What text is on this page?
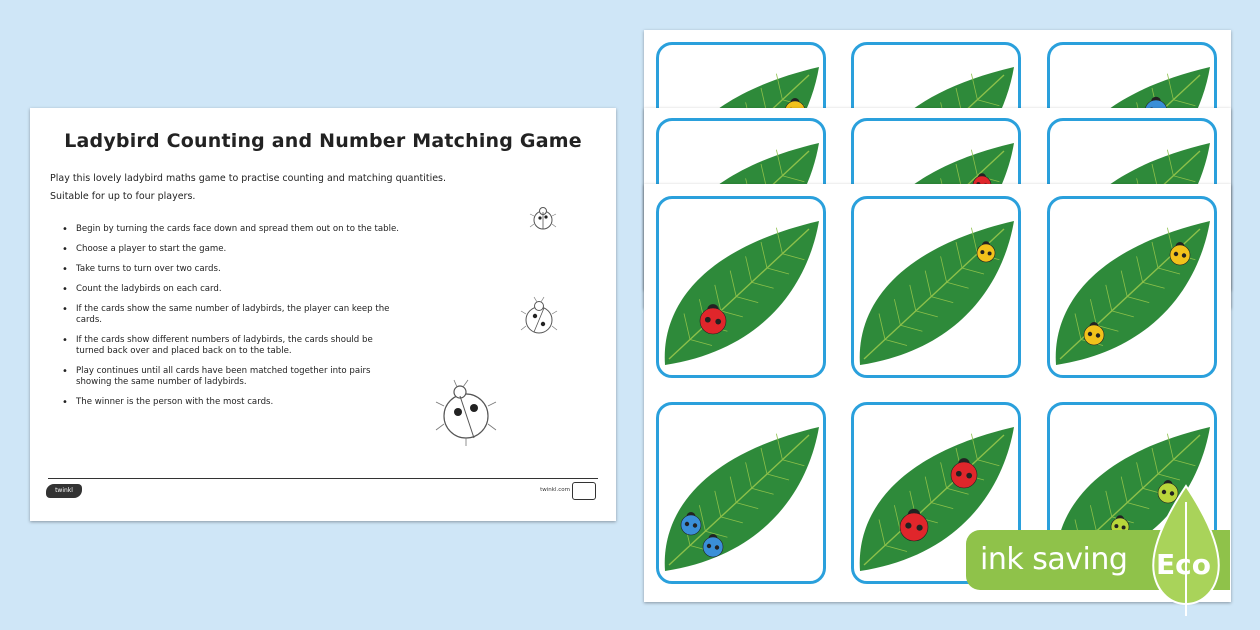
Ladybird Counting and Number Matching Game
Play this lovely ladybird maths game to practise counting and matching quantities.
Suitable for up to four players.
• Begin by turning the cards face down and spread them out on to the table.
• Choose a player to start the game.
• Take turns to turn over two cards.
• Count the ladybirds on each card.
• If the cards show the same number of ladybirds, the player can keep the cards.
• If the cards show different numbers of ladybirds, the cards should be turned back over and placed back on to the table.
• Play continues until all cards have been matched together into pairs showing the same number of ladybirds.
• The winner is the person with the most cards.
twinkl	twinkl.com
ink saving Eco
